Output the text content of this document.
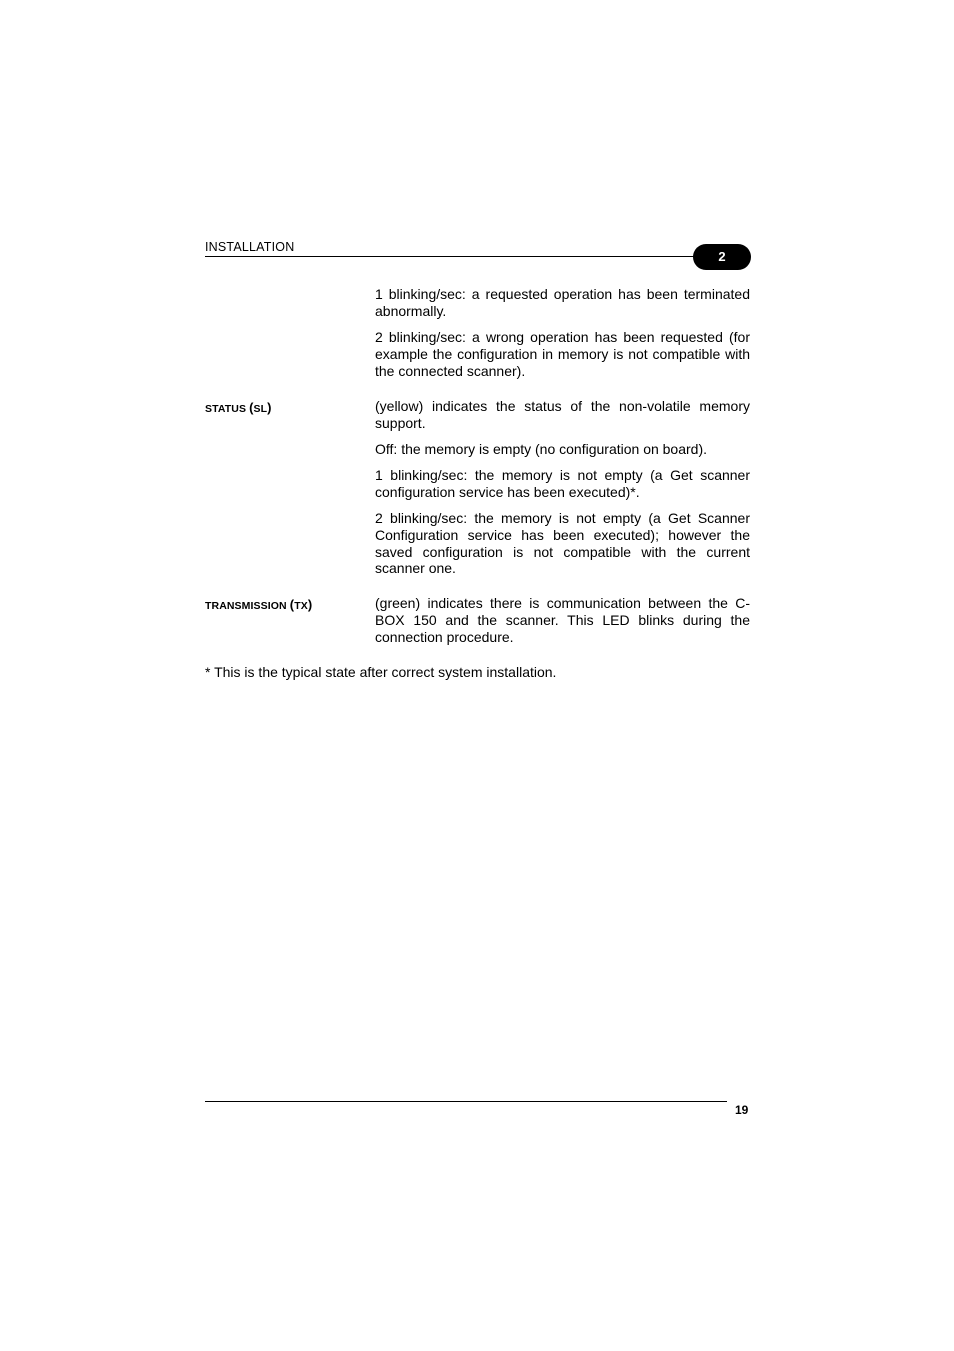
INSTALLATION
2

1 blinking/sec: a requested operation has been terminated abnormally.

2 blinking/sec: a wrong operation has been requested (for example the configuration in memory is not compatible with the connected scanner).

STATUS (SL)	(yellow) indicates the status of the non-volatile memory support.

Off: the memory is empty (no configuration on board).

1 blinking/sec: the memory is not empty (a Get scanner configuration service has been executed)*.

2 blinking/sec: the memory is not empty (a Get Scanner Configuration service has been executed); however the saved configuration is not compatible with the current scanner one.

TRANSMISSION (TX)	(green) indicates there is communication between the C-BOX 150 and the scanner. This LED blinks during the connection procedure.

* This is the typical state after correct system installation.

19
